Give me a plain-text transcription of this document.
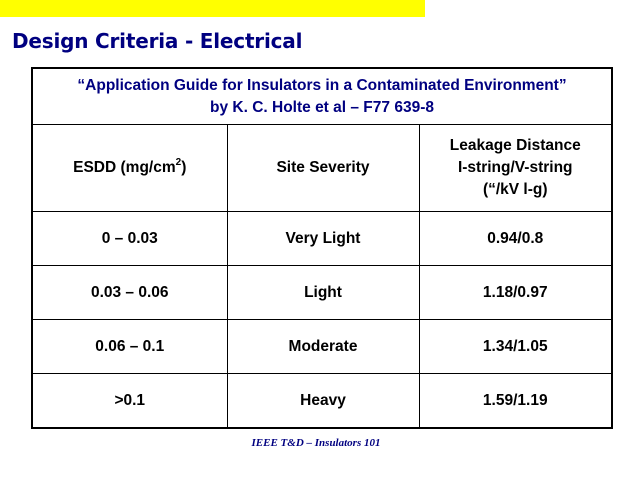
Design Criteria - Electrical
“Application Guide for Insulators in a Contaminated Environment”
by K. C. Holte et al – F77 639-8		

ESDD $(mg/cm^2)$	Site Severity	Leakage Distance
I-string/V-string
(“/kV l-g)

0 – 0.03	Very Light	0.94/0.8
0.03 – 0.06	Light	1.18/0.97
0.06 – 0.1	Moderate	1.34/1.05
>0.1	Heavy	1.59/1.19
IEEE T&D – Insulators 101
